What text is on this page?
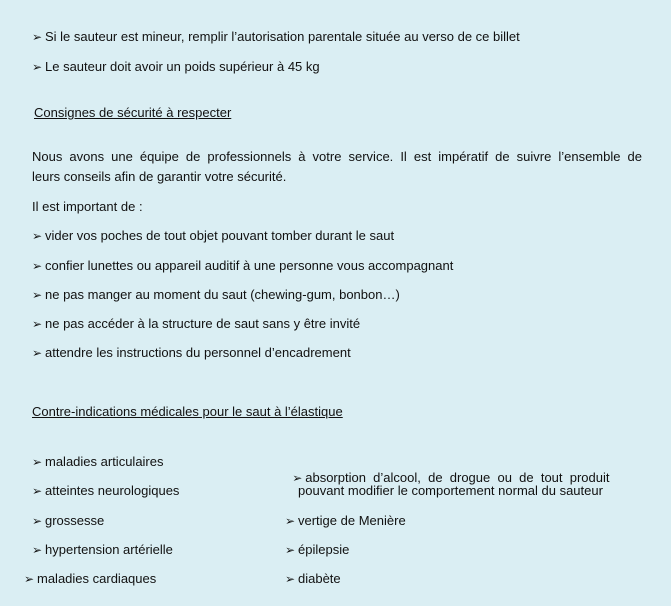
➢ Si le sauteur est mineur, remplir l’autorisation parentale située au verso de ce billet
➢ Le sauteur doit avoir un poids supérieur à 45 kg
Consignes de sécurité à respecter
Nous avons une équipe de professionnels à votre service. Il est impératif de suivre l’ensemble de
leurs conseils afin de garantir votre sécurité.
Il est important de :
➢ vider vos poches de tout objet pouvant tomber durant le saut
➢ confier lunettes ou appareil auditif à une personne vous accompagnant
➢ ne pas manger au moment du saut (chewing-gum, bonbon…)
➢ ne pas accéder à la structure de saut sans y être invité
➢ attendre les instructions du personnel d’encadrement
Contre-indications médicales pour le saut à l’élastique
➢ maladies articulaires
➢ atteintes neurologiques
➢ grossesse
➢ hypertension artérielle
➢ maladies cardiaques

➢ absorption  d’alcool,  de  drogue  ou  de  tout  produit

pouvant modifier le comportement normal du sauteur
➢ vertige de Menière
➢ épilepsie
➢ diabète
